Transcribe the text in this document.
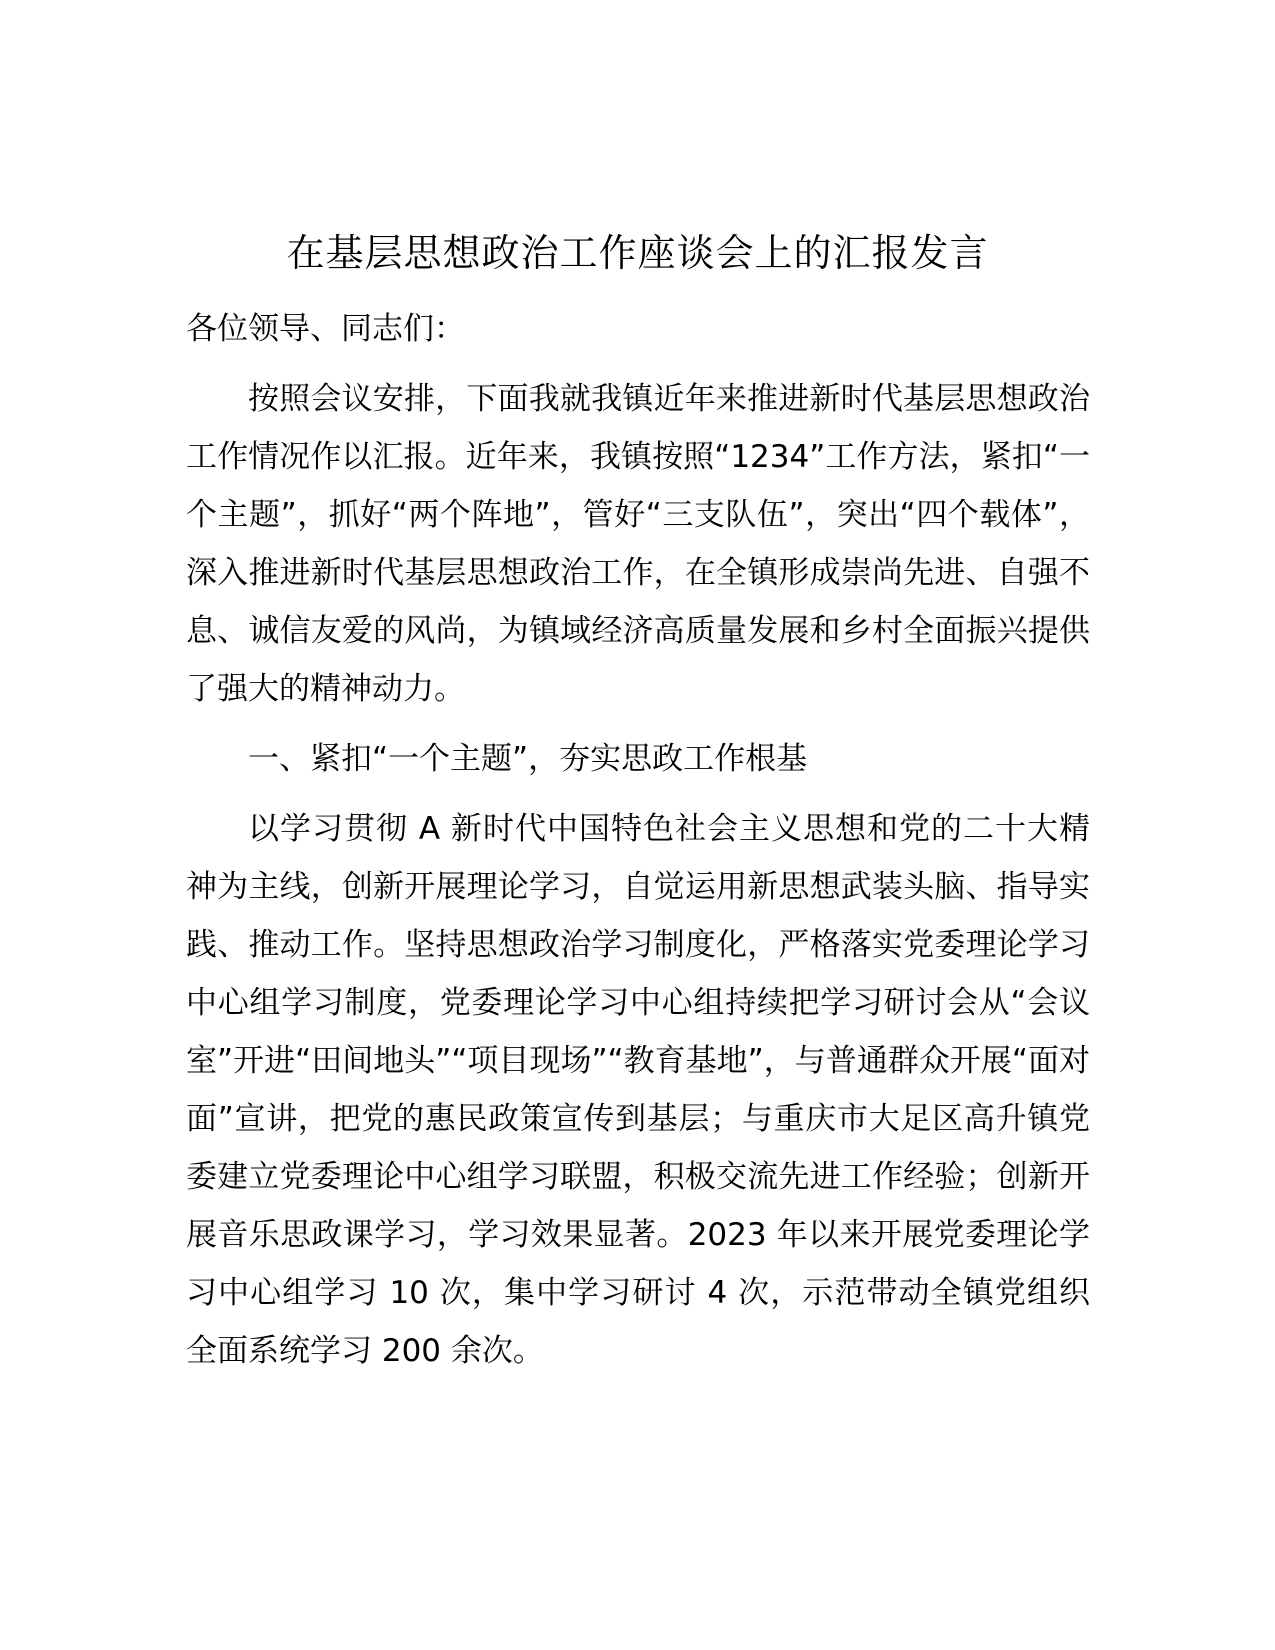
在基层思想政治工作座谈会上的汇报发言

各位领导、同志们：

按照会议安排，下面我就我镇近年来推进新时代基层思想政治工作情况作以汇报。近年来，我镇按照“1234”工作方法，紧扣“一个主题”，抓好“两个阵地”，管好“三支队伍”，突出“四个载体”，深入推进新时代基层思想政治工作，在全镇形成崇尚先进、自强不息、诚信友爱的风尚，为镇域经济高质量发展和乡村全面振兴提供了强大的精神动力。

一、紧扣“一个主题”，夯实思政工作根基

以学习贯彻 A 新时代中国特色社会主义思想和党的二十大精神为主线，创新开展理论学习，自觉运用新思想武装头脑、指导实践、推动工作。坚持思想政治学习制度化，严格落实党委理论学习中心组学习制度，党委理论学习中心组持续把学习研讨会从“会议室”开进“田间地头”“项目现场”“教育基地”，与普通群众开展“面对面”宣讲，把党的惠民政策宣传到基层；与重庆市大足区高升镇党委建立党委理论中心组学习联盟，积极交流先进工作经验；创新开展音乐思政课学习，学习效果显著。2023 年以来开展党委理论学习中心组学习 10 次，集中学习研讨 4 次，示范带动全镇党组织全面系统学习 200 余次。
